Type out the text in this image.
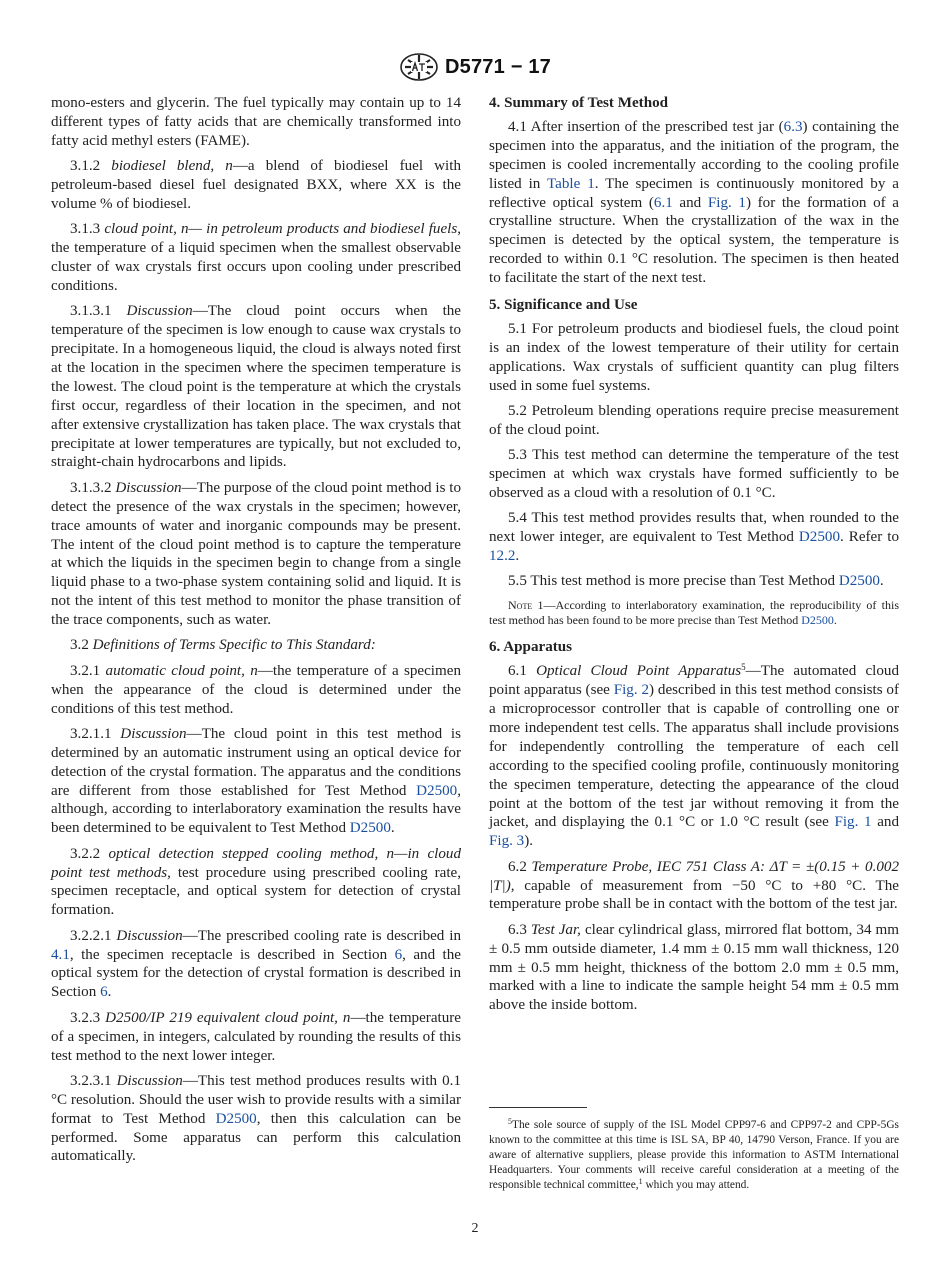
D5771 − 17

mono-esters and glycerin. The fuel typically may contain up to 14 different types of fatty acids that are chemically transformed into fatty acid methyl esters (FAME).

3.1.2 biodiesel blend, n—a blend of biodiesel fuel with petroleum-based diesel fuel designated BXX, where XX is the volume % of biodiesel.

3.1.3 cloud point, n— in petroleum products and biodiesel fuels, the temperature of a liquid specimen when the smallest observable cluster of wax crystals first occurs upon cooling under prescribed conditions.

3.1.3.1 Discussion—The cloud point occurs when the temperature of the specimen is low enough to cause wax crystals to precipitate. In a homogeneous liquid, the cloud is always noted first at the location in the specimen where the specimen temperature is the lowest. The cloud point is the temperature at which the crystals first occur, regardless of their location in the specimen, and not after extensive crystallization has taken place. The wax crystals that precipitate at lower temperatures are typically, but not excluded to, straight-chain hydrocarbons and lipids.

3.1.3.2 Discussion—The purpose of the cloud point method is to detect the presence of the wax crystals in the specimen; however, trace amounts of water and inorganic compounds may be present. The intent of the cloud point method is to capture the temperature at which the liquids in the specimen begin to change from a single liquid phase to a two-phase system containing solid and liquid. It is not the intent of this test method to monitor the phase transition of the trace components, such as water.

3.2 Definitions of Terms Specific to This Standard:

3.2.1 automatic cloud point, n—the temperature of a specimen when the appearance of the cloud is determined under the conditions of this test method.

3.2.1.1 Discussion—The cloud point in this test method is determined by an automatic instrument using an optical device for detection of the crystal formation. The apparatus and the conditions are different from those established for Test Method D2500, although, according to interlaboratory examination the results have been determined to be equivalent to Test Method D2500.

3.2.2 optical detection stepped cooling method, n—in cloud point test methods, test procedure using prescribed cooling rate, specimen receptacle, and optical system for detection of crystal formation.

3.2.2.1 Discussion—The prescribed cooling rate is described in 4.1, the specimen receptacle is described in Section 6, and the optical system for the detection of crystal formation is described in Section 6.

3.2.3 D2500/IP 219 equivalent cloud point, n—the temperature of a specimen, in integers, calculated by rounding the results of this test method to the next lower integer.

3.2.3.1 Discussion—This test method produces results with 0.1 °C resolution. Should the user wish to provide results with a similar format to Test Method D2500, then this calculation can be performed. Some apparatus can perform this calculation automatically.

4. Summary of Test Method

4.1 After insertion of the prescribed test jar (6.3) containing the specimen into the apparatus, and the initiation of the program, the specimen is cooled incrementally according to the cooling profile listed in Table 1. The specimen is continuously monitored by a reflective optical system (6.1 and Fig. 1) for the formation of a crystalline structure. When the crystallization of the wax in the specimen is detected by the optical system, the temperature is recorded to within 0.1 °C resolution. The specimen is then heated to facilitate the start of the next test.

5. Significance and Use

5.1 For petroleum products and biodiesel fuels, the cloud point is an index of the lowest temperature of their utility for certain applications. Wax crystals of sufficient quantity can plug filters used in some fuel systems.

5.2 Petroleum blending operations require precise measurement of the cloud point.

5.3 This test method can determine the temperature of the test specimen at which wax crystals have formed sufficiently to be observed as a cloud with a resolution of 0.1 °C.

5.4 This test method provides results that, when rounded to the next lower integer, are equivalent to Test Method D2500. Refer to 12.2.

5.5 This test method is more precise than Test Method D2500.

Note 1—According to interlaboratory examination, the reproducibility of this test method has been found to be more precise than Test Method D2500.

6. Apparatus

6.1 Optical Cloud Point Apparatus$^5$—The automated cloud point apparatus (see Fig. 2) described in this test method consists of a microprocessor controller that is capable of controlling one or more independent test cells. The apparatus shall include provisions for independently controlling the temperature of each cell according to the specified cooling profile, continuously monitoring the specimen temperature, detecting the appearance of the cloud point at the bottom of the test jar without removing it from the jacket, and displaying the 0.1 °C or 1.0 °C result (see Fig. 1 and Fig. 3).

6.2 Temperature Probe, IEC 751 Class A: ΔT = ±(0.15 + 0.002 |T|), capable of measurement from −50 °C to +80 °C. The temperature probe shall be in contact with the bottom of the test jar.

6.3 Test Jar, clear cylindrical glass, mirrored flat bottom, 34 mm ± 0.5 mm outside diameter, 1.4 mm ± 0.15 mm wall thickness, 120 mm ± 0.5 mm height, thickness of the bottom 2.0 mm ± 0.5 mm, marked with a line to indicate the sample height 54 mm ± 0.5 mm above the inside bottom.

$^5$The sole source of supply of the ISL Model CPP97-6 and CPP97-2 and CPP-5Gs known to the committee at this time is ISL SA, BP 40, 14790 Verson, France. If you are aware of alternative suppliers, please provide this information to ASTM International Headquarters. Your comments will receive careful consideration at a meeting of the responsible technical committee,$^1$ which you may attend.
2
